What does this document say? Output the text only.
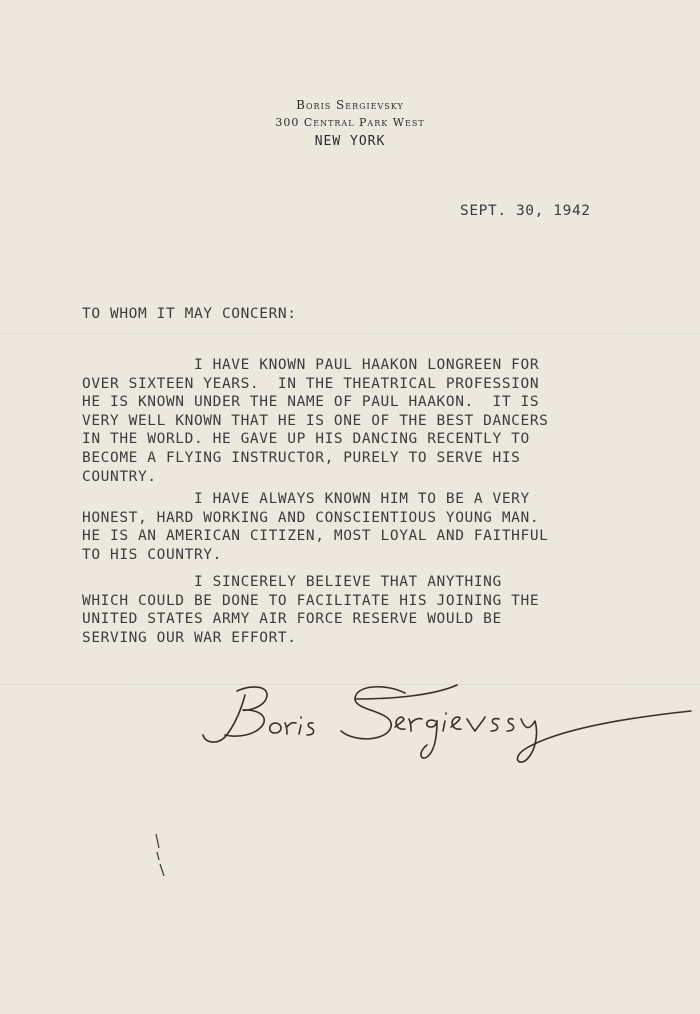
Boris Sergievsky
300 Central Park West
NEW YORK
SEPT. 30, 1942
TO WHOM IT MAY CONCERN:
I HAVE KNOWN PAUL HAAKON LONGREEN FOR
OVER SIXTEEN YEARS.  IN THE THEATRICAL PROFESSION
HE IS KNOWN UNDER THE NAME OF PAUL HAAKON.  IT IS
VERY WELL KNOWN THAT HE IS ONE OF THE BEST DANCERS
IN THE WORLD. HE GAVE UP HIS DANCING RECENTLY TO
BECOME A FLYING INSTRUCTOR, PURELY TO SERVE HIS
COUNTRY.
I HAVE ALWAYS KNOWN HIM TO BE A VERY
HONEST, HARD WORKING AND CONSCIENTIOUS YOUNG MAN.
HE IS AN AMERICAN CITIZEN, MOST LOYAL AND FAITHFUL
TO HIS COUNTRY.
I SINCERELY BELIEVE THAT ANYTHING
WHICH COULD BE DONE TO FACILITATE HIS JOINING THE
UNITED STATES ARMY AIR FORCE RESERVE WOULD BE
SERVING OUR WAR EFFORT.
